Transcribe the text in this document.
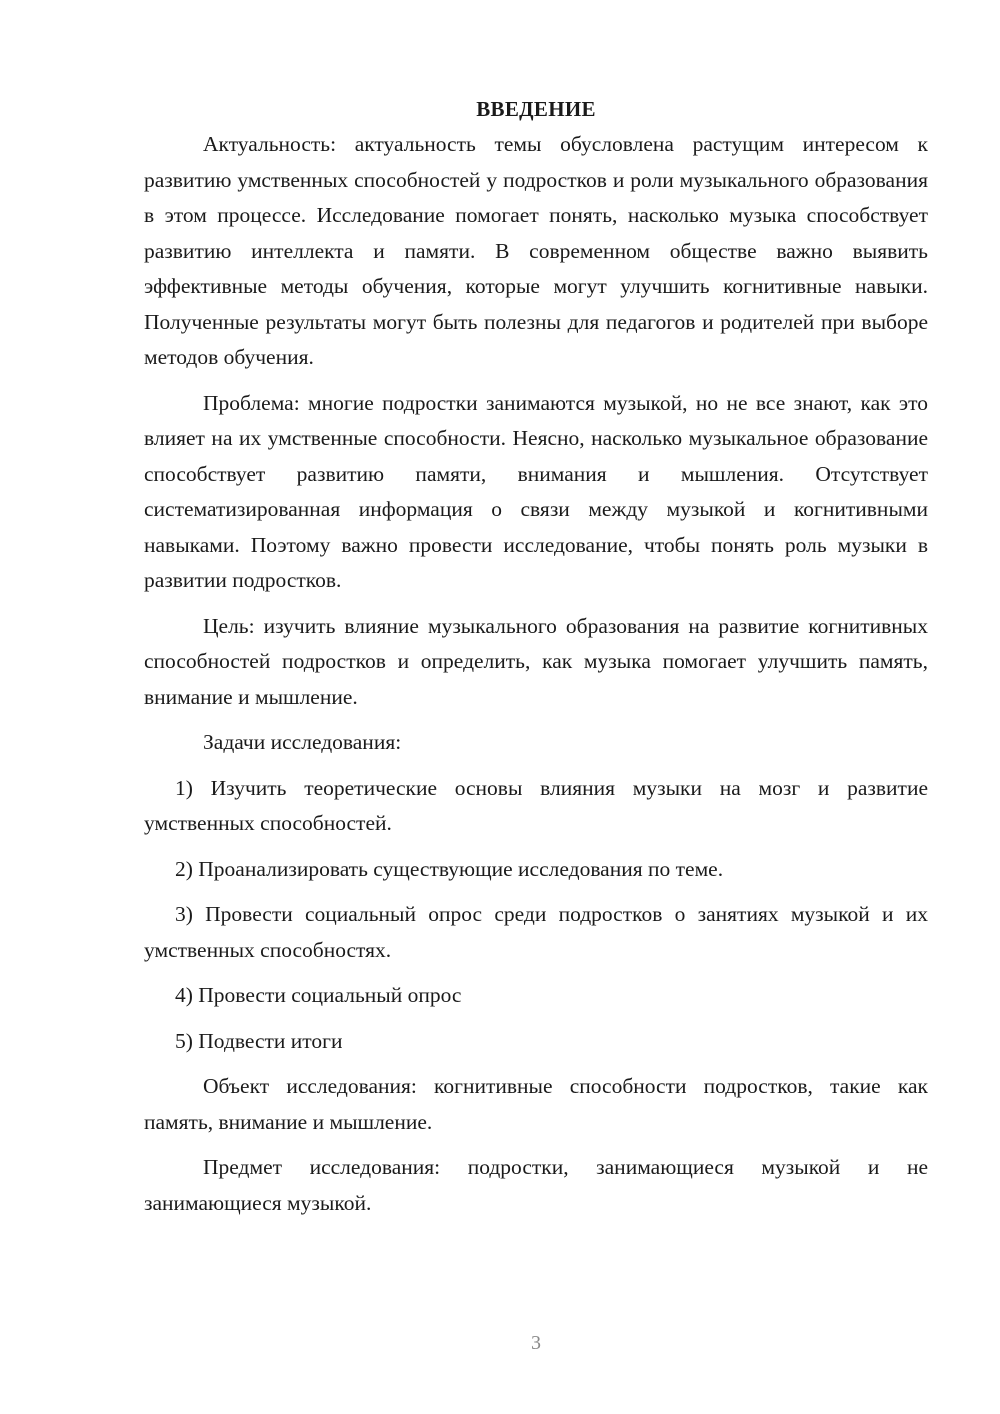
ВВЕДЕНИЕ

Актуальность: актуальность темы обусловлена растущим интересом к развитию умственных способностей у подростков и роли музыкального образования в этом процессе. Исследование помогает понять, насколько музыка способствует развитию интеллекта и памяти. В современном обществе важно выявить эффективные методы обучения, которые могут улучшить когнитивные навыки. Полученные результаты могут быть полезны для педагогов и родителей при выборе методов обучения.

Проблема: многие подростки занимаются музыкой, но не все знают, как это влияет на их умственные способности. Неясно, насколько музыкальное образование способствует развитию памяти, внимания и мышления. Отсутствует систематизированная информация о связи между музыкой и когнитивными навыками. Поэтому важно провести исследование, чтобы понять роль музыки в развитии подростков.

Цель: изучить влияние музыкального образования на развитие когнитивных способностей подростков и определить, как музыка помогает улучшить память, внимание и мышление.

Задачи исследования:

1) Изучить теоретические основы влияния музыки на мозг и развитие умственных способностей.

2) Проанализировать существующие исследования по теме.

3) Провести социальный опрос среди подростков о занятиях музыкой и их умственных способностях.

4) Провести социальный опрос

5) Подвести итоги

Объект исследования: когнитивные способности подростков, такие как память, внимание и мышление.

Предмет исследования: подростки, занимающиеся музыкой и не занимающиеся музыкой.

3
